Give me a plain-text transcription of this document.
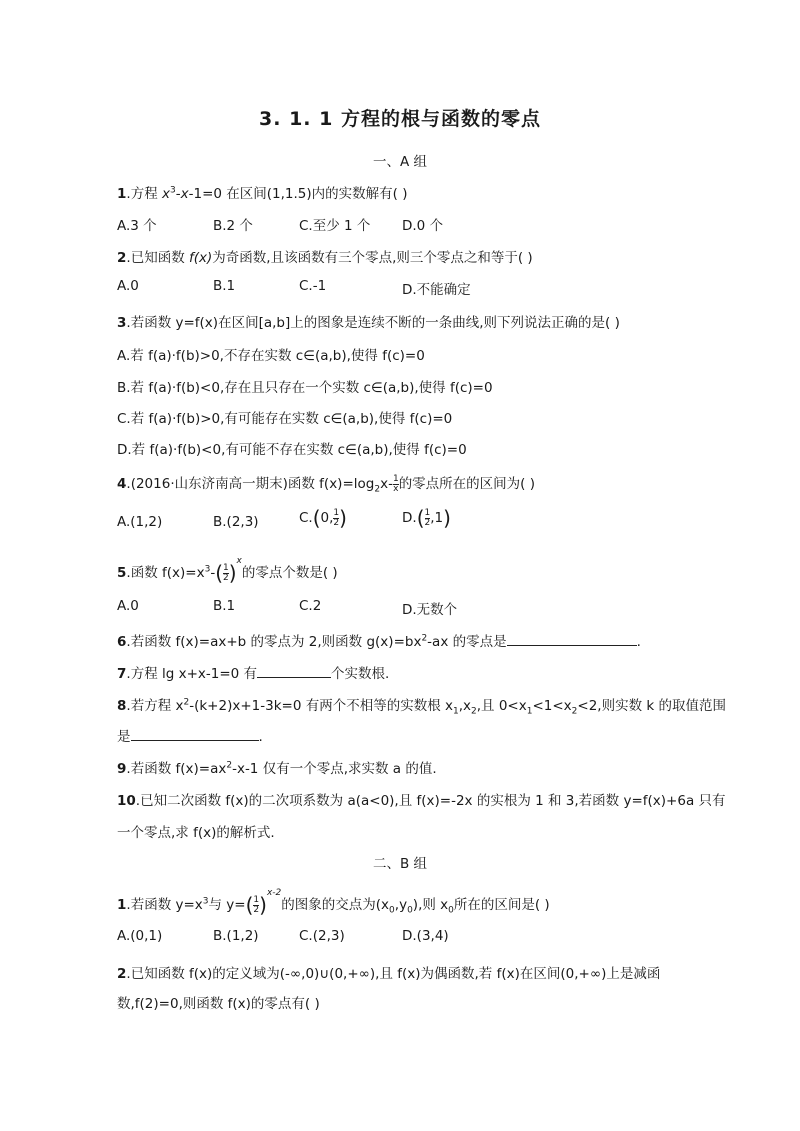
3. 1. 1 方程的根与函数的零点
一、A 组
1.方程 $x^3-x-1=0$ 在区间(1,1.5)内的实数解有( )
A.3 个	B.2 个	C.至少 1 个 D.0 个
2.已知函数 f(x)为奇函数,且该函数有三个零点,则三个零点之和等于( )
A.0	B.1	C.-1	D.不能确定
3.若函数 y=f(x)在区间[a,b]上的图象是连续不断的一条曲线,则下列说法正确的是( )
A.若 f(a)·f(b)>0,不存在实数 c∈(a,b),使得 f(c)=0
B.若 f(a)·f(b)<0,存在且只存在一个实数 c∈(a,b),使得 f(c)=0
C.若 f(a)·f(b)>0,有可能存在实数 c∈(a,b),使得 f(c)=0
D.若 f(a)·f(b)<0,有可能不存在实数 c∈(a,b),使得 f(c)=0
4.(2016·山东济南高一期末)函数 $f(x)=\log_2x- \frac{1}{x}$ 的零点所在的区间为( )
A.(1,2)	B.(2,3)	C.(0, $\frac{1}{2}$ )	$D.( \frac{1}{2} ,1)$
5.函数 $f(x)=x^3-( \frac{1}{2} )^x$的零点个数是( )
A.0	B.1	C.2	D.无数个
6.若函数 f(x)=ax+b 的零点为 2,则函数 $g(x)=bx^2-ax$ 的零点是	.
7.方程 lg x+x-1=0 有	个实数根.
8.若方程 $x^2-(k+2)x+1-3k=0$ 有两个不相等的实数根 $x_1,x_2$,且 $0<x_1<1<x_2<2$,则实数 k 的取值范围
是	.
9.若函数 $f(x)=ax^2-x-1$ 仅有一个零点,求实数 a 的值.
10.已知二次函数 f(x)的二次项系数为 a(a<0),且 f(x)=-2x 的实根为 1 和 3,若函数 y=f(x)+6a 只有
一个零点,求 f(x)的解析式.
二、B 组
1.若函数 $y=x^3$与 $y=( \frac{1}{2} )^{x-2}$的图象的交点为$(x_0,y_0)$,则 $x_0$所在的区间是( )
A.(0,1)	B.(1,2)	C.(2,3)	D.(3,4)
2.已知函数 f(x)的定义域为(-∞,0)∪(0,+∞),且 f(x)为偶函数,若 f(x)在区间(0,+∞)上是减函
数,f(2)=0,则函数 f(x)的零点有( )
